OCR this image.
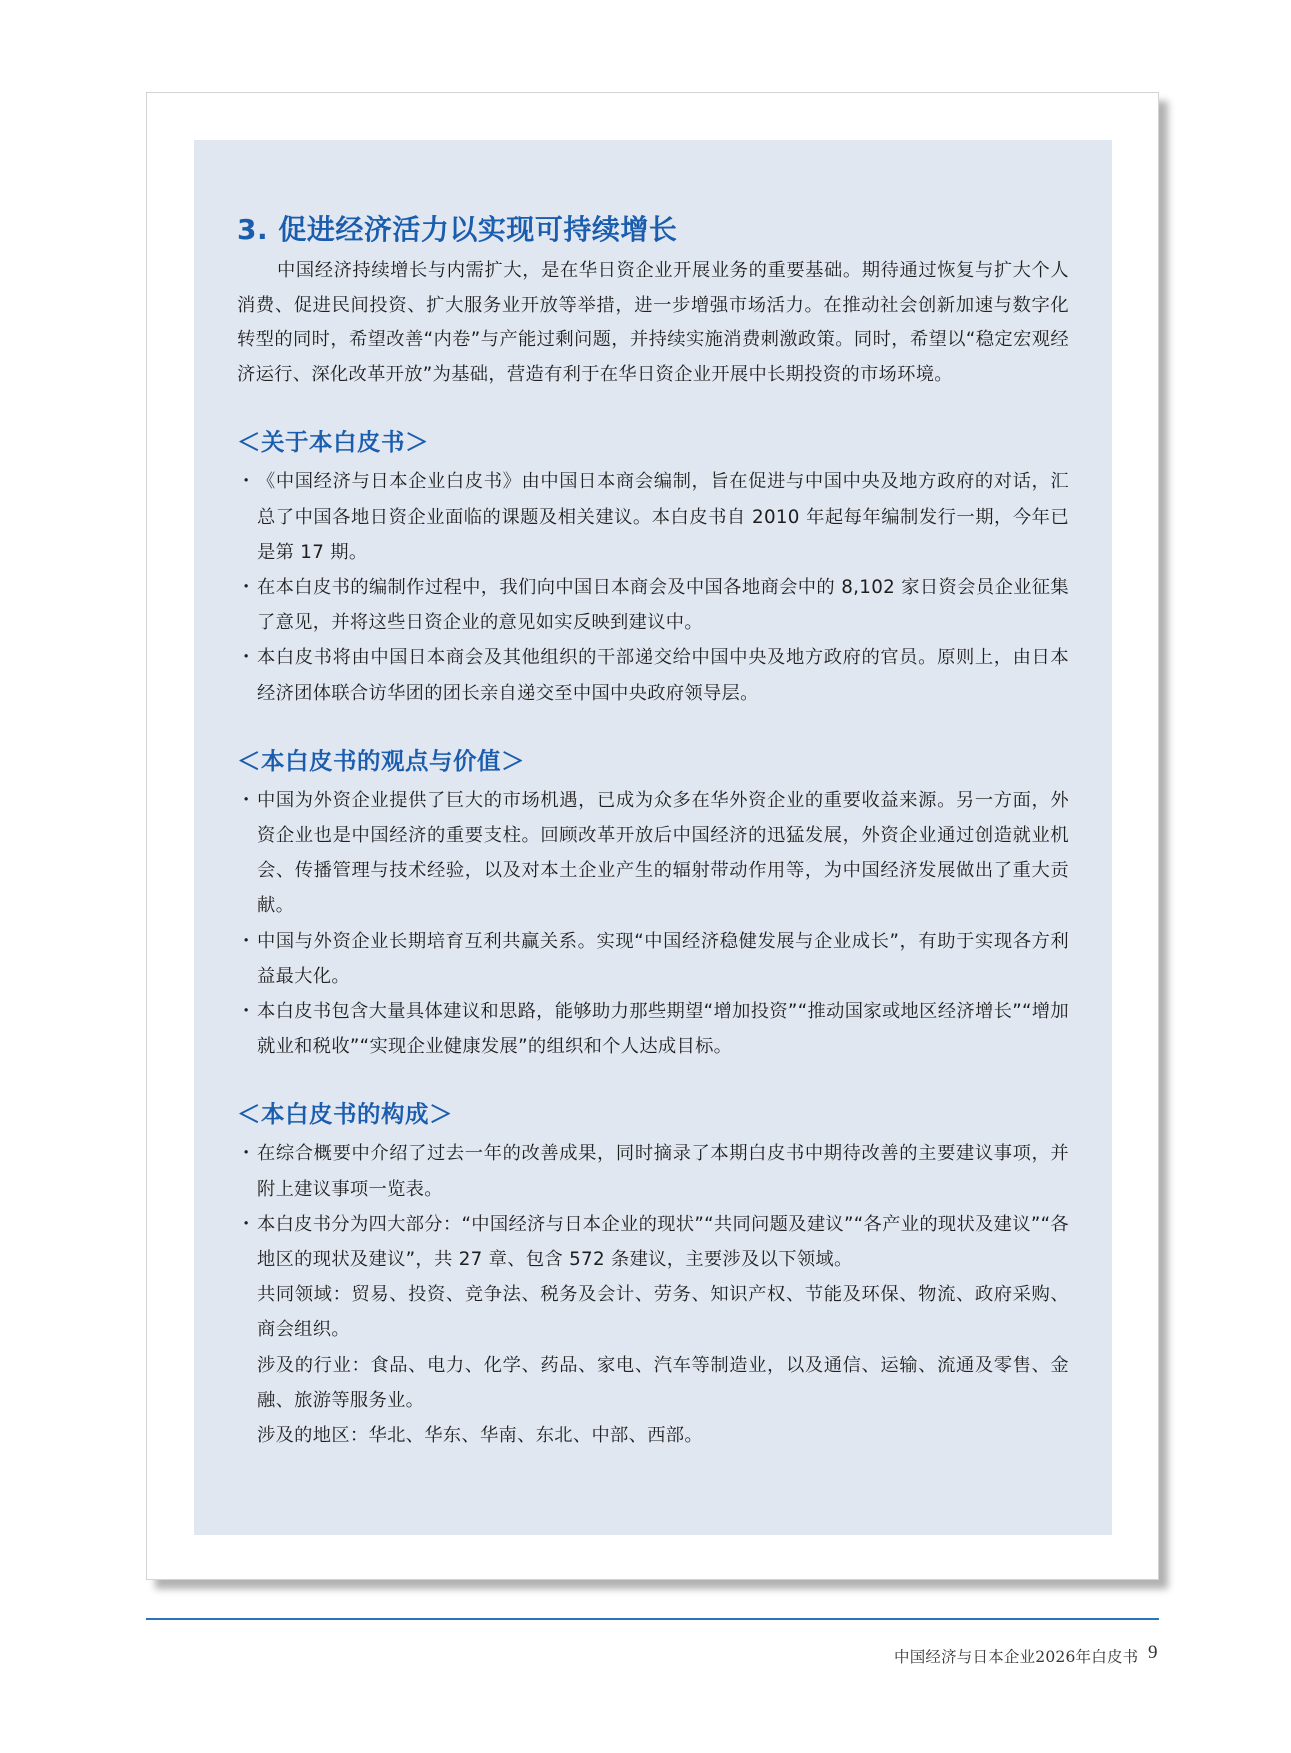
3. 促进经济活力以实现可持续增长

中国经济持续增长与内需扩大，是在华日资企业开展业务的重要基础。期待通过恢复与扩大个人消费、促进民间投资、扩大服务业开放等举措，进一步增强市场活力。在推动社会创新加速与数字化转型的同时，希望改善“内卷”与产能过剩问题，并持续实施消费刺激政策。同时，希望以“稳定宏观经济运行、深化改革开放”为基础，营造有利于在华日资企业开展中长期投资的市场环境。

＜关于本白皮书＞
・ 《中国经济与日本企业白皮书》由中国日本商会编制，旨在促进与中国中央及地方政府的对话，汇总了中国各地日资企业面临的课题及相关建议。本白皮书自 2010 年起每年编制发行一期，今年已是第 17 期。
・ 在本白皮书的编制作过程中，我们向中国日本商会及中国各地商会中的 8,102 家日资会员企业征集了意见，并将这些日资企业的意见如实反映到建议中。
・ 本白皮书将由中国日本商会及其他组织的干部递交给中国中央及地方政府的官员。原则上，由日本经济团体联合访华团的团长亲自递交至中国中央政府领导层。
＜本白皮书的观点与价值＞
・ 中国为外资企业提供了巨大的市场机遇，已成为众多在华外资企业的重要收益来源。另一方面，外资企业也是中国经济的重要支柱。回顾改革开放后中国经济的迅猛发展，外资企业通过创造就业机会、传播管理与技术经验，以及对本土企业产生的辐射带动作用等，为中国经济发展做出了重大贡献。
・ 中国与外资企业长期培育互利共赢关系。实现“中国经济稳健发展与企业成长”，有助于实现各方利益最大化。
・ 本白皮书包含大量具体建议和思路，能够助力那些期望“增加投资”“推动国家或地区经济增长”“增加就业和税收”“实现企业健康发展”的组织和个人达成目标。
＜本白皮书的构成＞
・ 在综合概要中介绍了过去一年的改善成果，同时摘录了本期白皮书中期待改善的主要建议事项，并附上建议事项一览表。
・ 本白皮书分为四大部分：“中国经济与日本企业的现状”“共同问题及建议”“各产业的现状及建议”“各地区的现状及建议”，共 27 章、包含 572 条建议，主要涉及以下领域。
共同领域：贸易、投资、竞争法、税务及会计、劳务、知识产权、节能及环保、物流、政府采购、商会组织。
涉及的行业：食品、电力、化学、药品、家电、汽车等制造业，以及通信、运输、流通及零售、金融、旅游等服务业。
涉及的地区：华北、华东、华南、东北、中部、西部。
中国经济与日本企业2026年白皮书 9
